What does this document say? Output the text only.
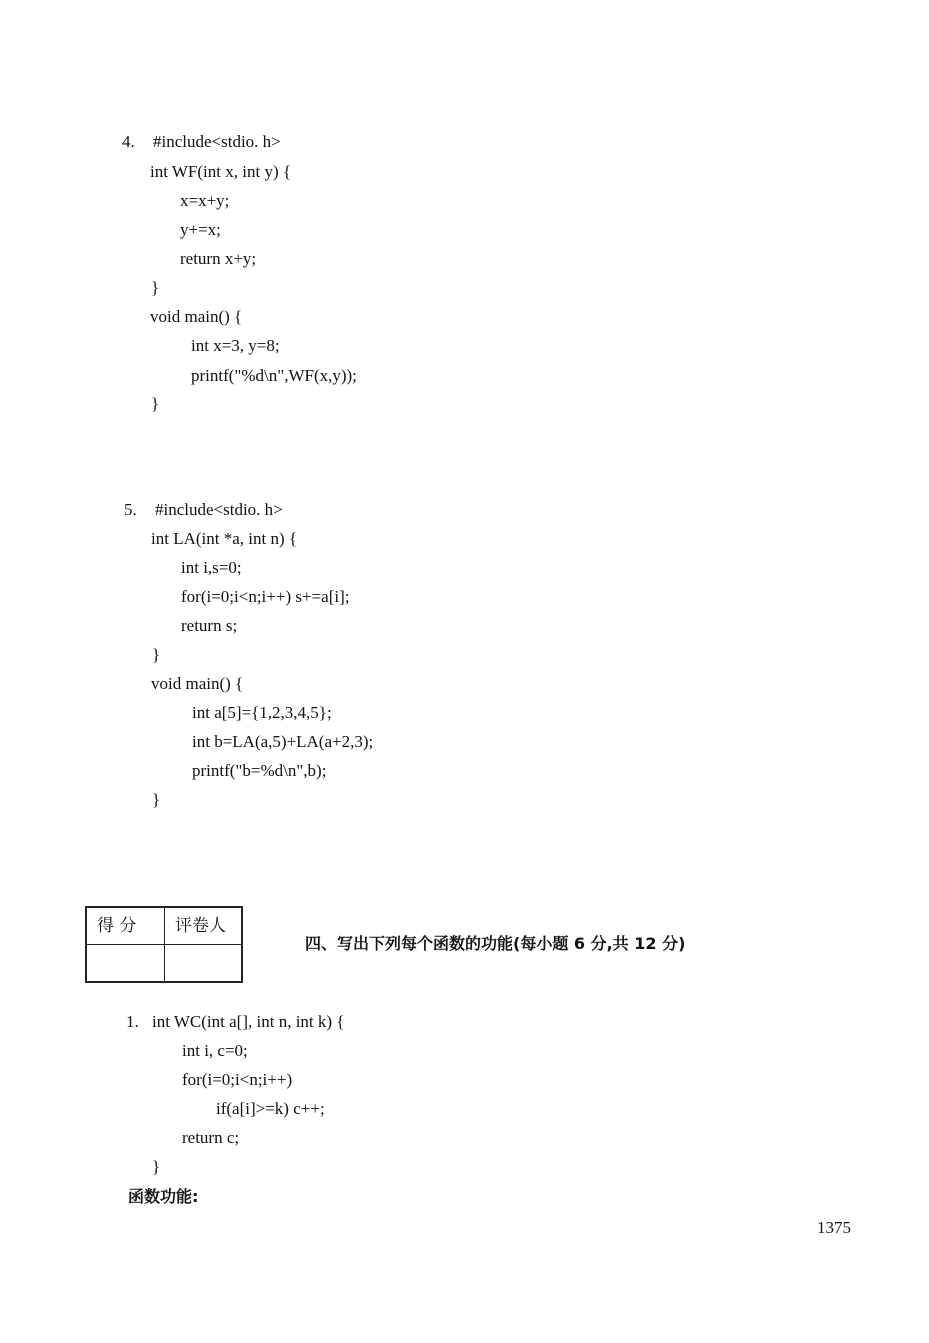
4. #include<stdio. h>
int WF(int x, int y) {
x=x+y;
y+=x;
return x+y;
}
void main() {
int x=3, y=8;
printf("%d\n",WF(x,y));
}
5. #include<stdio. h>
int LA(int *a, int n) {
int i,s=0;
for(i=0;i<n;i++) s+=a[i];
return s;
}
void main() {
int a[5]={1,2,3,4,5};
int b=LA(a,5)+LA(a+2,3);
printf("b=%d\n",b);
}
得 分 评卷人
四、写出下列每个函数的功能(每小题 6 分,共 12 分)
1. int WC(int a[], int n, int k) {
int i, c=0;
for(i=0;i<n;i++)
if(a[i]>=k) c++;
return c;
}
函数功能:
1375
